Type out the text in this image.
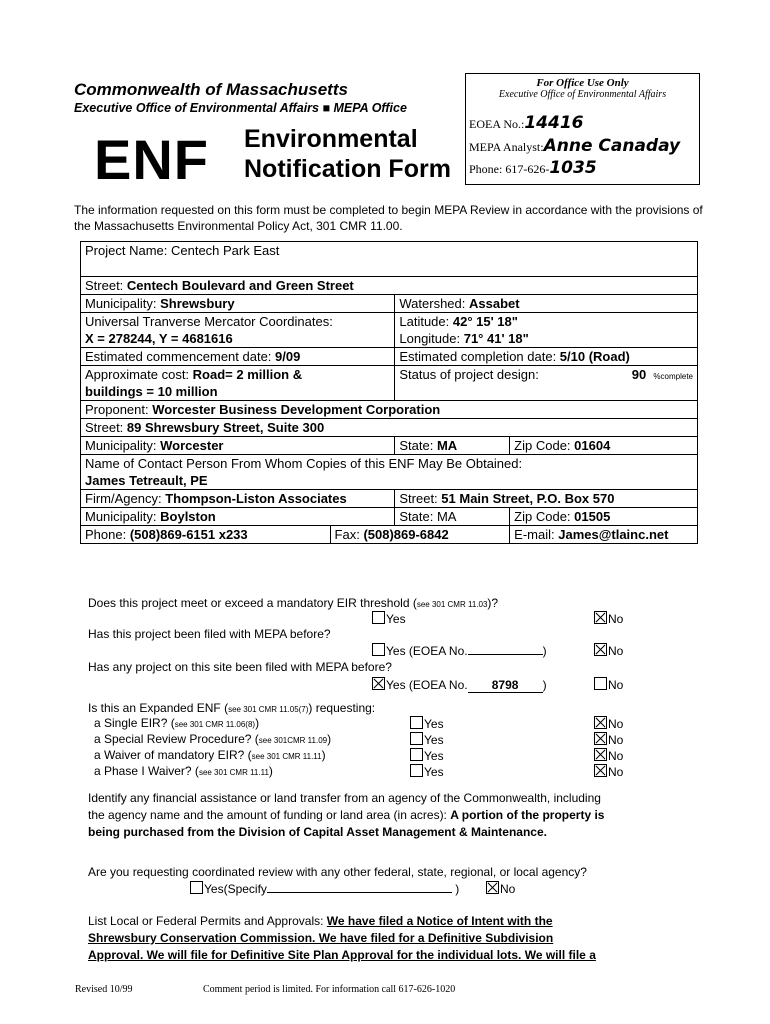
Commonwealth of Massachusetts
Executive Office of Environmental Affairs ■ MEPA Office
ENF Environmental
Notification Form
For Office Use Only
Executive Office of Environmental Affairs
EOEA No.:14416
MEPA Analyst:Anne Canaday
Phone: 617-626-1035
The information requested on this form must be completed to begin MEPA Review in accordance with the provisions of the Massachusetts Environmental Policy Act, 301 CMR 11.00.
Project Name: Centech Park East			
Street: Centech Boulevard and Green Street			
Municipality: Shrewsbury		Watershed: Assabet	
Universal Tranverse Mercator Coordinates:
X = 278244, Y = 4681616		Latitude: 42° 15' 18"
Longitude: 71° 41' 18"	
Estimated commencement date: 9/09		Estimated completion date: 5/10 (Road)	
Approximate cost: Road= 2 million &
buildings = 10 million		Status of project design: 90 %complete	

Proponent: Worcester Business Development Corporation			
Street: 89 Shrewsbury Street, Suite 300			
Municipality: Worcester		State: MA	Zip Code: 01604
Name of Contact Person From Whom Copies of this ENF May Be Obtained:
James Tetreault, PE			
Firm/Agency: Thompson-Liston Associates		Street: 51 Main Street, P.O. Box 570	
Municipality: Boylston		State: MA	Zip Code: 01505
Phone: (508)869-6151 x233	Fax: (508)869-6842		E-mail: James@tlainc.net
Does this project meet or exceed a mandatory EIR threshold (see 301 CMR 11.03)?
Yes	No
Has this project been filed with MEPA before?
Yes (EOEA No.	)	No
Has any project on this site been filed with MEPA before?
Yes (EOEA No. 8798 )	No
Is this an Expanded ENF (see 301 CMR 11.05(7)) requesting:
a Single EIR? (see 301 CMR 11.06(8))	Yes	No
a Special Review Procedure? (see 301CMR 11.09)	Yes	No
a Waiver of mandatory EIR? (see 301 CMR 11.11)	Yes	No
a Phase I Waiver? (see 301 CMR 11.11)	Yes	No
Identify any financial assistance or land transfer from an agency of the Commonwealth, including
the agency name and the amount of funding or land area (in acres): A portion of the property is
being purchased from the Division of Capital Asset Management & Maintenance.
Are you requesting coordinated review with any other federal, state, regional, or local agency?
Yes(Specify	)	No
List Local or Federal Permits and Approvals: We have filed a Notice of Intent with the
Shrewsbury Conservation Commission. We have filed for a Definitive Subdivision
Approval. We will file for Definitive Site Plan Approval for the individual lots. We will file a
Revised 10/99	Comment period is limited. For information call 617-626-1020
